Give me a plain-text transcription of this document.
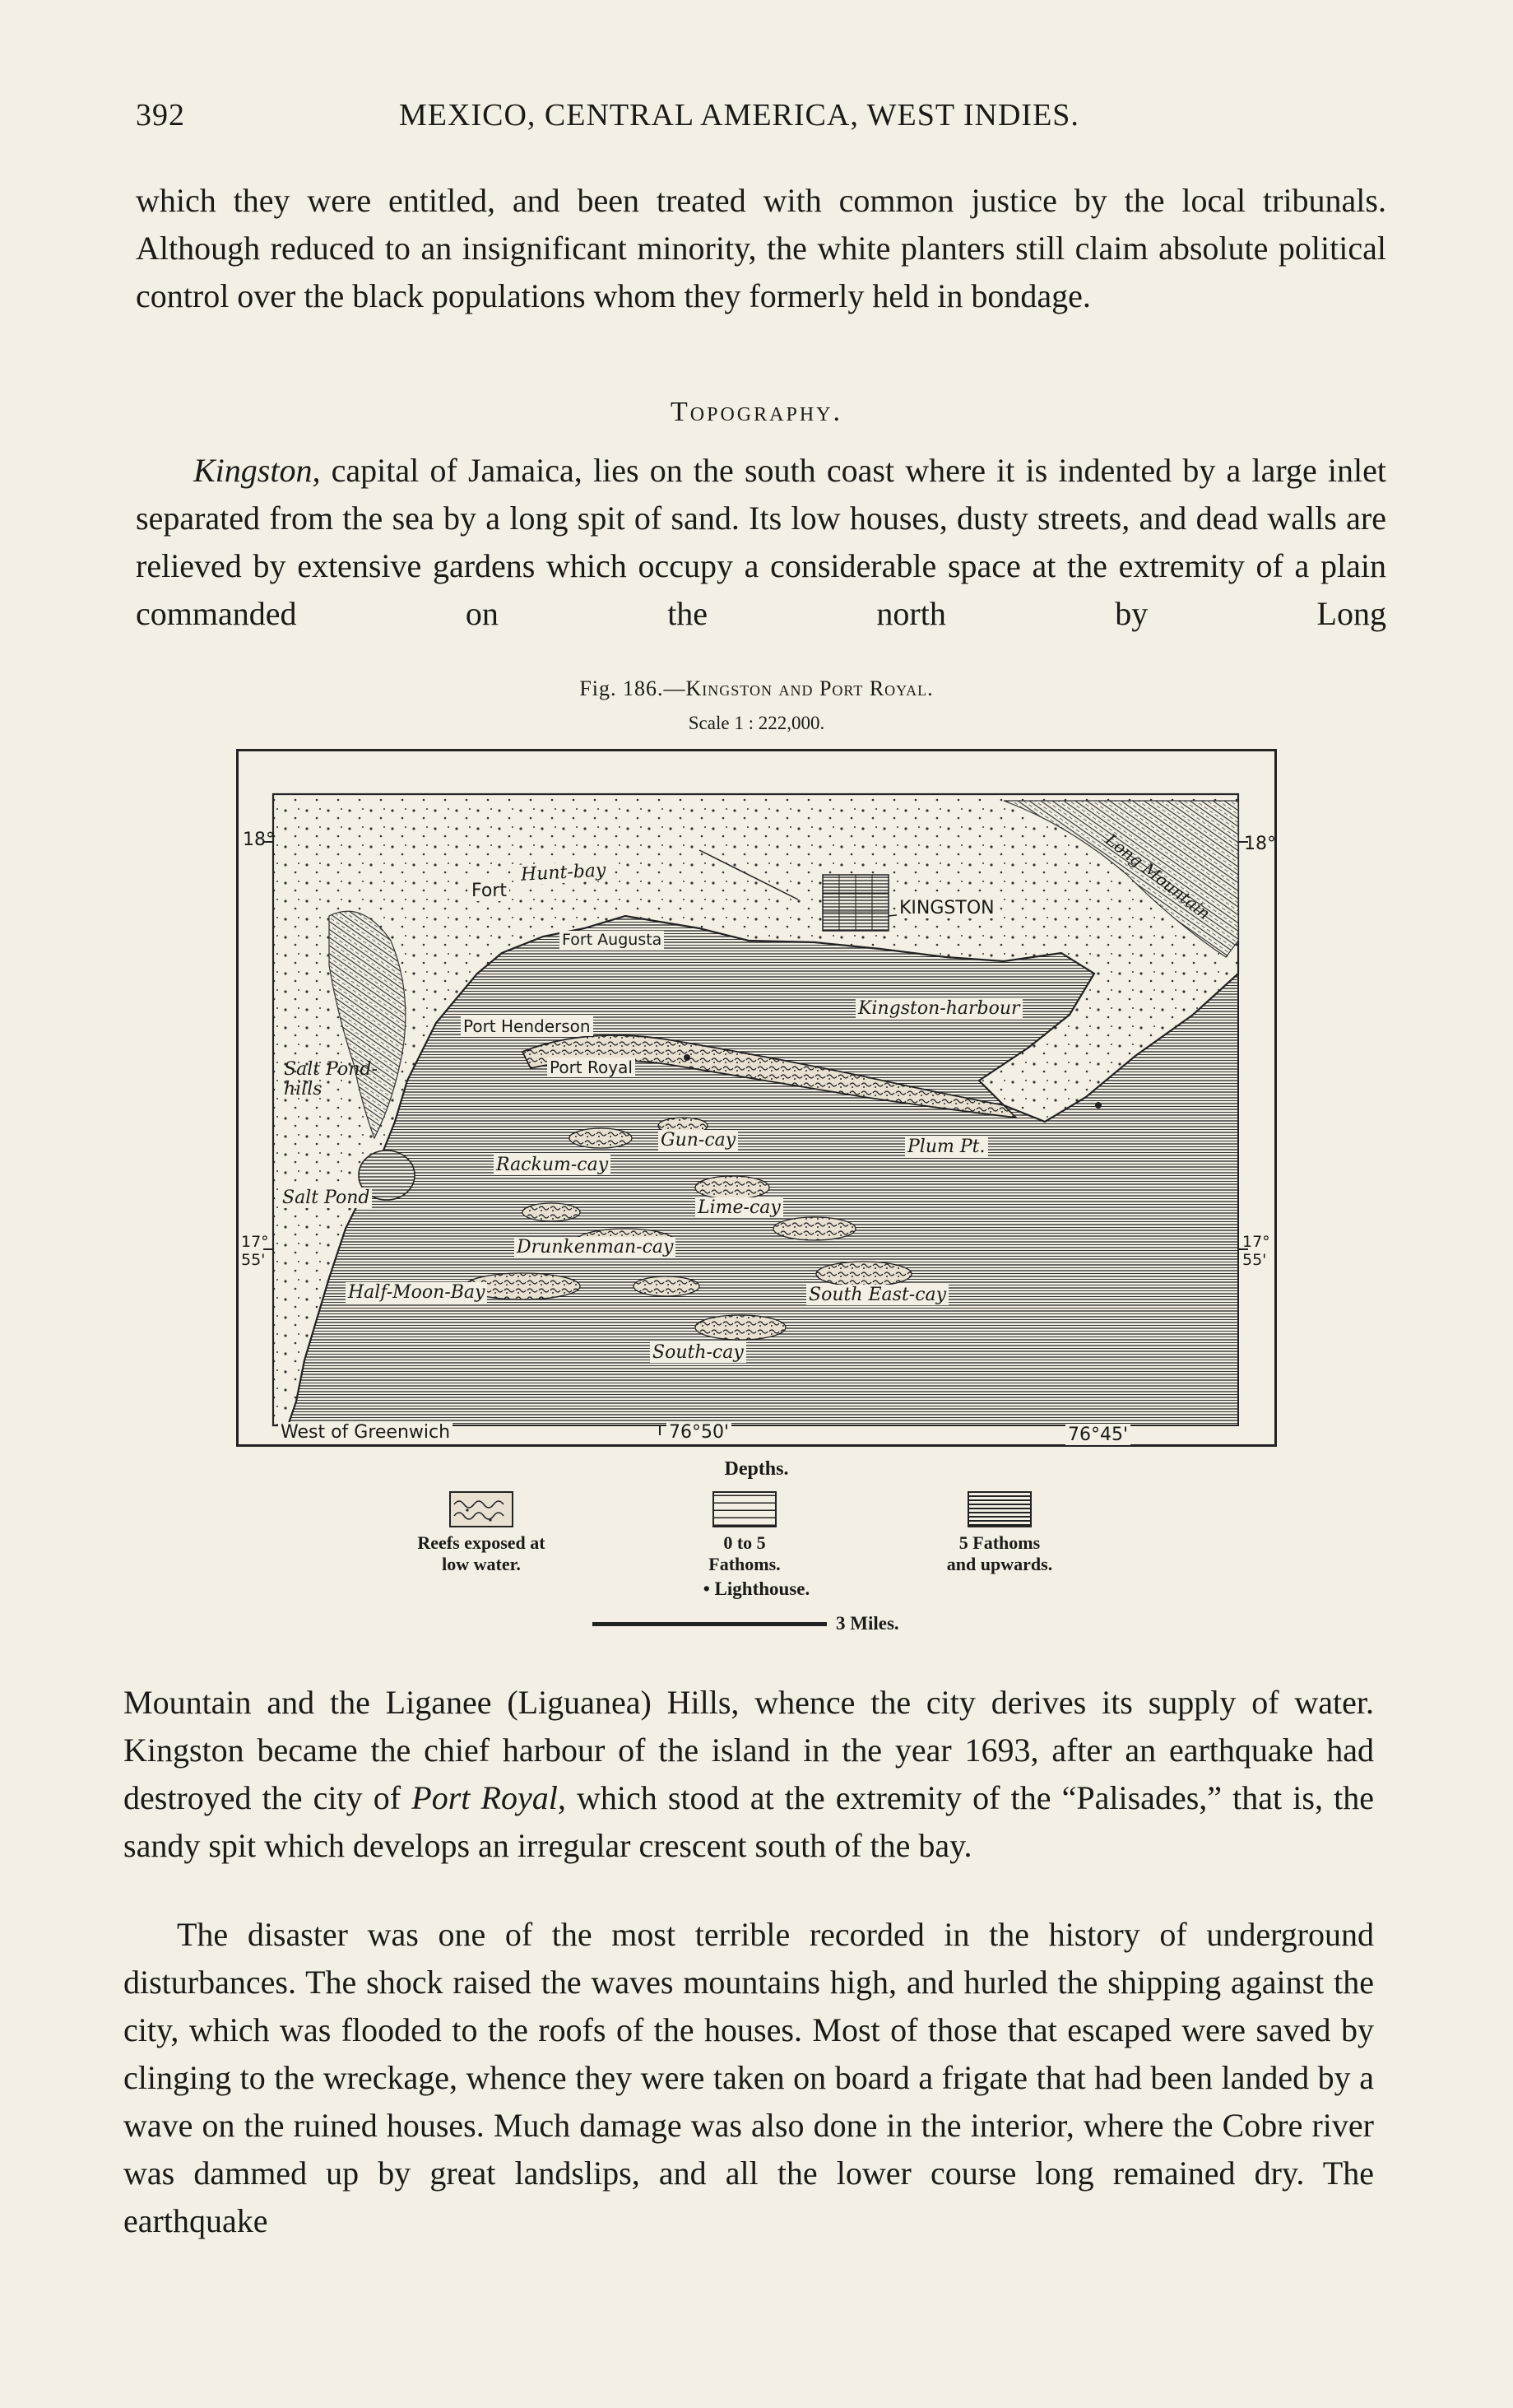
392	MEXICO, CENTRAL AMERICA, WEST INDIES.
which they were entitled, and been treated with common justice by the local tribunals. Although reduced to an insignificant minority, the white planters still claim absolute political control over the black populations whom they formerly held in bondage.
Topography.
Kingston, capital of Jamaica, lies on the south coast where it is indented by a large inlet separated from the sea by a long spit of sand. Its low houses, dusty streets, and dead walls are relieved by extensive gardens which occupy a considerable space at the extremity of a plain commanded on the north by Long
Fig. 186.—Kingston and Port Royal.
Scale 1 : 222,000.
18°	18°
17°
55'
17°
55'
West of Greenwich	76°50'	76°45'
Fort
Hunt-bay
KINGSTON
Fort Augusta
Kingston-harbour
Port Henderson
Salt Pond-
hills
Port Royal
Gun-cay	Plum Pt.
Rackum-cay
Salt Pond	Lime-cay
Drunkenman-cay
Half-Moon-Bay	South East-cay
South-cay
Long Mountain
Depths.
Reefs exposed at
low water.
0 to 5
Fathoms.
5 Fathoms
and upwards.
• Lighthouse.
3 Miles.
Mountain and the Liganee (Liguanea) Hills, whence the city derives its supply of water. Kingston became the chief harbour of the island in the year 1693, after an earthquake had destroyed the city of Port Royal, which stood at the extremity of the “Palisades,” that is, the sandy spit which develops an irregular crescent south of the bay.
The disaster was one of the most terrible recorded in the history of underground disturbances. The shock raised the waves mountains high, and hurled the shipping against the city, which was flooded to the roofs of the houses. Most of those that escaped were saved by clinging to the wreckage, whence they were taken on board a frigate that had been landed by a wave on the ruined houses. Much damage was also done in the interior, where the Cobre river was dammed up by great landslips, and all the lower course long remained dry. The earthquake
